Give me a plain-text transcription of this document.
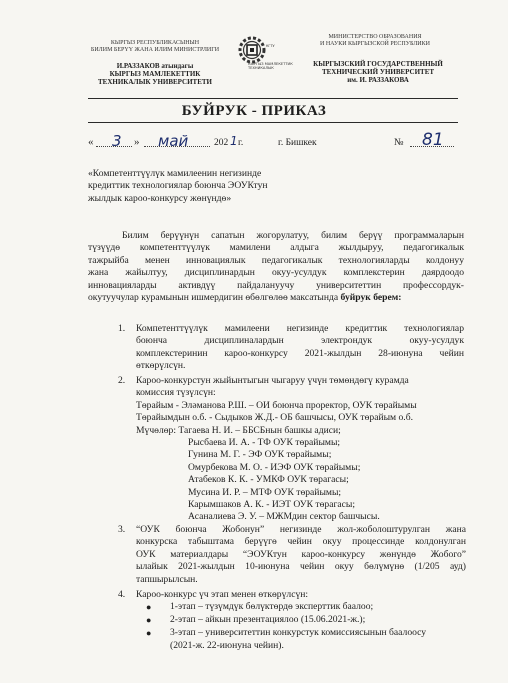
КЫРГЫЗ РЕСПУБЛИКАСЫНЫН
БИЛИМ БЕРҮҮ ЖАНА ИЛИМ МИНИСТРЛИГИ
И.РАЗЗАКОВ атындагы
КЫРГЫЗ МАМЛЕКЕТТИК
ТЕХНИКАЛЫК УНИВЕРСИТЕТИ
КГТУ
КЫРГЫЗ МАМЛЕКЕТТИК ТЕХНИКАЛЫК
МИНИСТЕРСТВО ОБРАЗОВАНИЯ
И НАУКИ КЫРГЫЗСКОЙ РЕСПУБЛИКИ
КЫРГЫЗСКИЙ ГОСУДАРСТВЕННЫЙ
ТЕХНИЧЕСКИЙ УНИВЕРСИТЕТ
им. И. РАЗЗАКОВА
БУЙРУК - ПРИКАЗ
« 3 » май	202 1 г.	г. Бишкек	№ 81
«Компетенттүүлүк мамилеенин негизинде
кредиттик технологиялар боюнча ЭОУКтун
жылдык кароо-конкурсу жөнүндө»
Билим берүүнүн сапатын жогорулатуу, билим берүү программаларын
түзүүдө компетенттүүлүк мамилени алдыга жылдыруу, педагогикалык
тажрыйба менен инновациялык педагогикалык технологияларды колдонуу
жана жайылтуу, дисциплинардын окуу-усулдук комплекстерин даярдоодо
инновацияларды активдүү пайдалануучу университеттин профессордук-
окутуучулар курамынын ишмердигин өбөлгөлөө максатында буйрук берем:
1. Компетенттүүлүк мамилеени негизинде кредиттик технологиялар
боюнча дисциплиналардын электрондук окуу-усулдук
комплекстеринин кароо-конкурсу 2021-жылдын 28-июнуна чейин
өткөрүлсүн.
2. Кароо-конкурстун жыйынтыгын чыгаруу үчүн төмөндөгү курамда
комиссия түзүлсүн:
Төрайым - Эләманова Р.Ш. – ОИ боюнча проректор, ОУК төрайымы
Төрайымдын о.б. - Сыдыков Ж.Д.- ОБ башчысы, ОУК төрайым о.б.
Мүчөлөр: Тагаева Н. И. – ББСБнын башкы адиси;
Рысбаева И. А. - ТФ ОУК төрайымы;
Гунина М. Г. - ЭФ ОУК төрайымы;
Омурбекова М. О. - ИЭФ ОУК төрайымы;
Атабеков К. К. - УМКФ ОУК төрагасы;
Мусина И. Р. – МТФ ОУК төрайымы;
Карымшаков А. К. - ИЭТ ОУК төрагасы;
Асаналиева Э. У. – МЖМдин сектор башчысы.
3. “ОУК боюнча Жобонун” негизинде жол-жоболоштурулган жана
конкурска табыштама берүүгө чейин окуу процессинде колдонулган
ОУК материалдары “ЭОУКтун кароо-конкурсу жөнүндө Жобого”
ылайык 2021-жылдын 10-июнуна чейин окуу бөлүмүнө (1/205 ауд)
тапшырылсын.
4. Кароо-конкурс үч этап менен өткөрүлсүн:
● 1-этап – түзүмдүк бөлүктөрдө эксперттик баалоо;
● 2-этап – айкын презентациялоо (15.06.2021-ж.);
● 3-этап – университеттин конкурстук комиссиясынын баалоосу
(2021-ж. 22-июнуна чейин).
